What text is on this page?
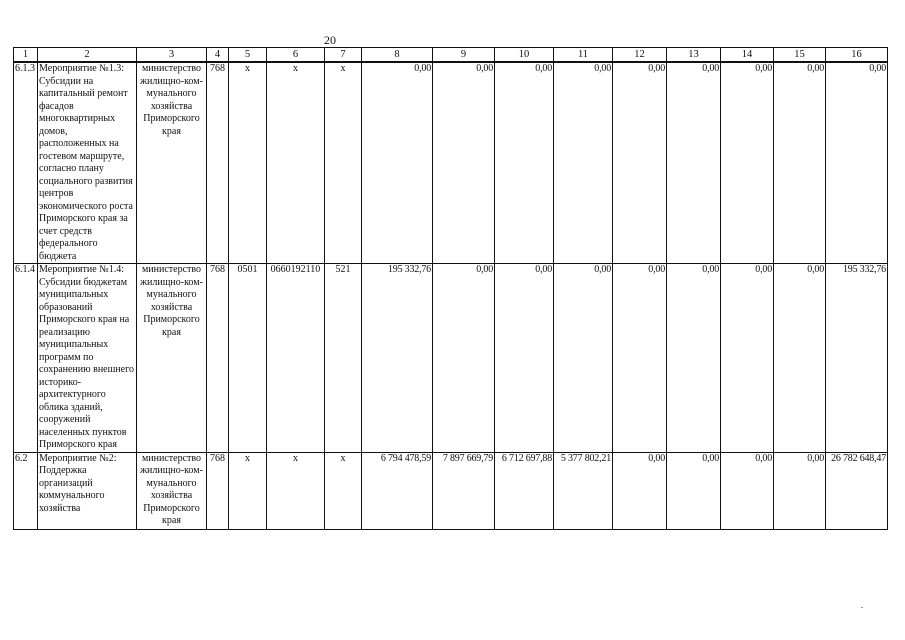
20
1	2	3	4	5	6	7	8	9	10	11	12	13	14	15	16
6.1.3	Мероприятие №1.3: Субсидии на капитальный ремонт фасадов многоквартирных домов, расположенных на гостевом маршруте, согласно плану социального развития центров экономического роста Приморского края за счет средств федерального бюджета	министерство жилищно-ком-мунального хозяйства Приморского края	768	х	х	х	0,00	0,00	0,00	0,00	0,00	0,00	0,00	0,00	0,00
6.1.4	Мероприятие №1.4: Субсидии бюджетам муниципальных образований Приморского края на реализацию муниципальных программ по сохранению внешнего историко-архитектурного облика зданий, сооружений населенных пунктов Приморского края	министерство жилищно-ком-мунального хозяйства Приморского края	768	0501	0660192110	521	195 332,76	0,00	0,00	0,00	0,00	0,00	0,00	0,00	195 332,76
6.2	Мероприятие №2: Поддержка организаций коммунального хозяйства	министерство жилищно-ком-мунального хозяйства Приморского края	768	х	х	х	6 794 478,59	7 897 669,79	6 712 697,88	5 377 802,21	0,00	0,00	0,00	0,00	26 782 648,47
